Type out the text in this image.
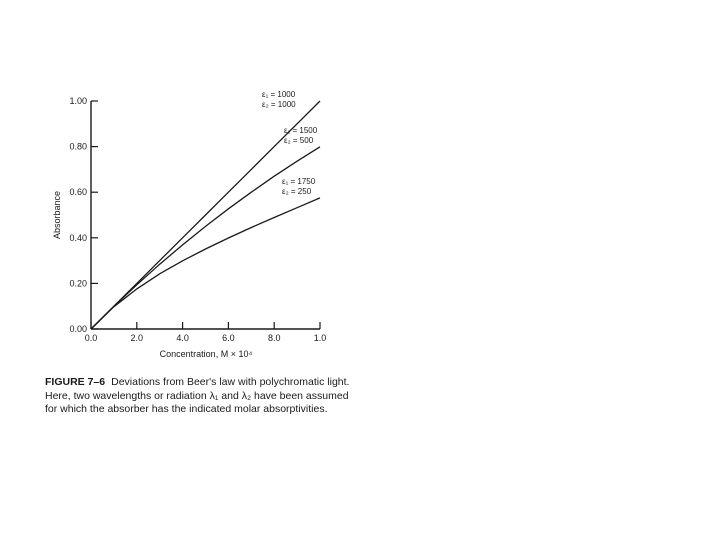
0.00
0.20
0.40
0.60
0.80
1.00
0.0	2.0	4.0	6.0	8.0	1.0
ε₁ = 1000
ε₂ = 1000
ε₁ = 1500
ε₂ = 500
ε₁ = 1750
ε₂ = 250
Concentration, M × 10⁴
Absorbance
FIGURE 7–6 Deviations from Beer's law with polychromatic light. Here, two wavelengths or radiation λ₁ and λ₂ have been assumed for which the absorber has the indicated molar absorptivities.
